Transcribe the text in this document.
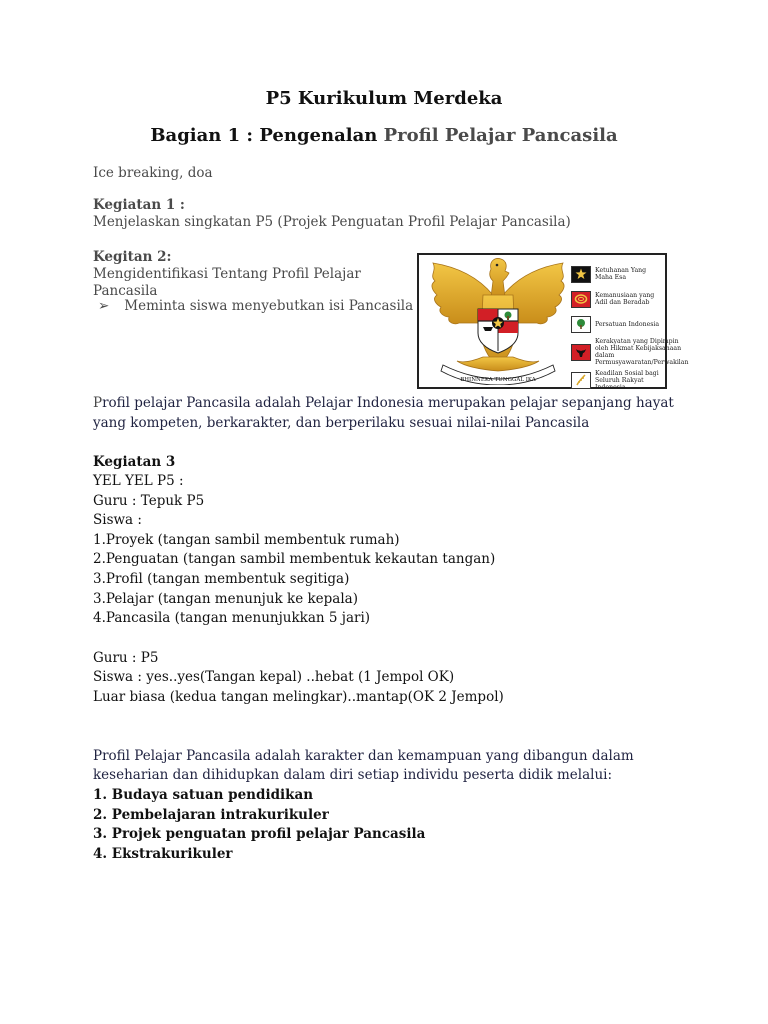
P5 Kurikulum Merdeka
Bagian 1 : Pengenalan Profil Pelajar Pancasila
Ice breaking, doa
Kegiatan 1 :
Menjelaskan singkatan P5 (Projek Penguatan Profil Pelajar Pancasila)
Kegitan 2:
Mengidentifikasi Tentang Profil Pelajar
Pancasila
➢ Meminta siswa menyebutkan isi Pancasila
BHINNEKA TUNGGAL IKA
Ketuhanan Yang Maha Esa
Kemanusiaan yang Adil dan Beradab
Persatuan Indonesia
Kerakyatan yang Dipimpin oleh Hikmat Kebijaksanaan dalam Permusyawaratan/Perwakilan
Keadilan Sosial bagi Seluruh Rakyat Indonesia
Profil pelajar Pancasila adalah Pelajar Indonesia merupakan pelajar sepanjang hayat
yang kompeten, berkarakter, dan berperilaku sesuai nilai-nilai Pancasila
Kegiatan 3
YEL YEL P5 :
Guru : Tepuk P5
Siswa :
1.Proyek (tangan sambil membentuk rumah)
2.Penguatan (tangan sambil membentuk kekautan tangan)
3.Profil (tangan membentuk segitiga)
3.Pelajar (tangan menunjuk ke kepala)
4.Pancasila (tangan menunjukkan 5 jari)
Guru : P5
Siswa : yes..yes(Tangan kepal) ..hebat (1 Jempol OK)
Luar biasa (kedua tangan melingkar)..mantap(OK 2 Jempol)
Profil Pelajar Pancasila adalah karakter dan kemampuan yang dibangun dalam
keseharian dan dihidupkan dalam diri setiap individu peserta didik melalui:
1. Budaya satuan pendidikan
2. Pembelajaran intrakurikuler
3. Projek penguatan profil pelajar Pancasila
4. Ekstrakurikuler
